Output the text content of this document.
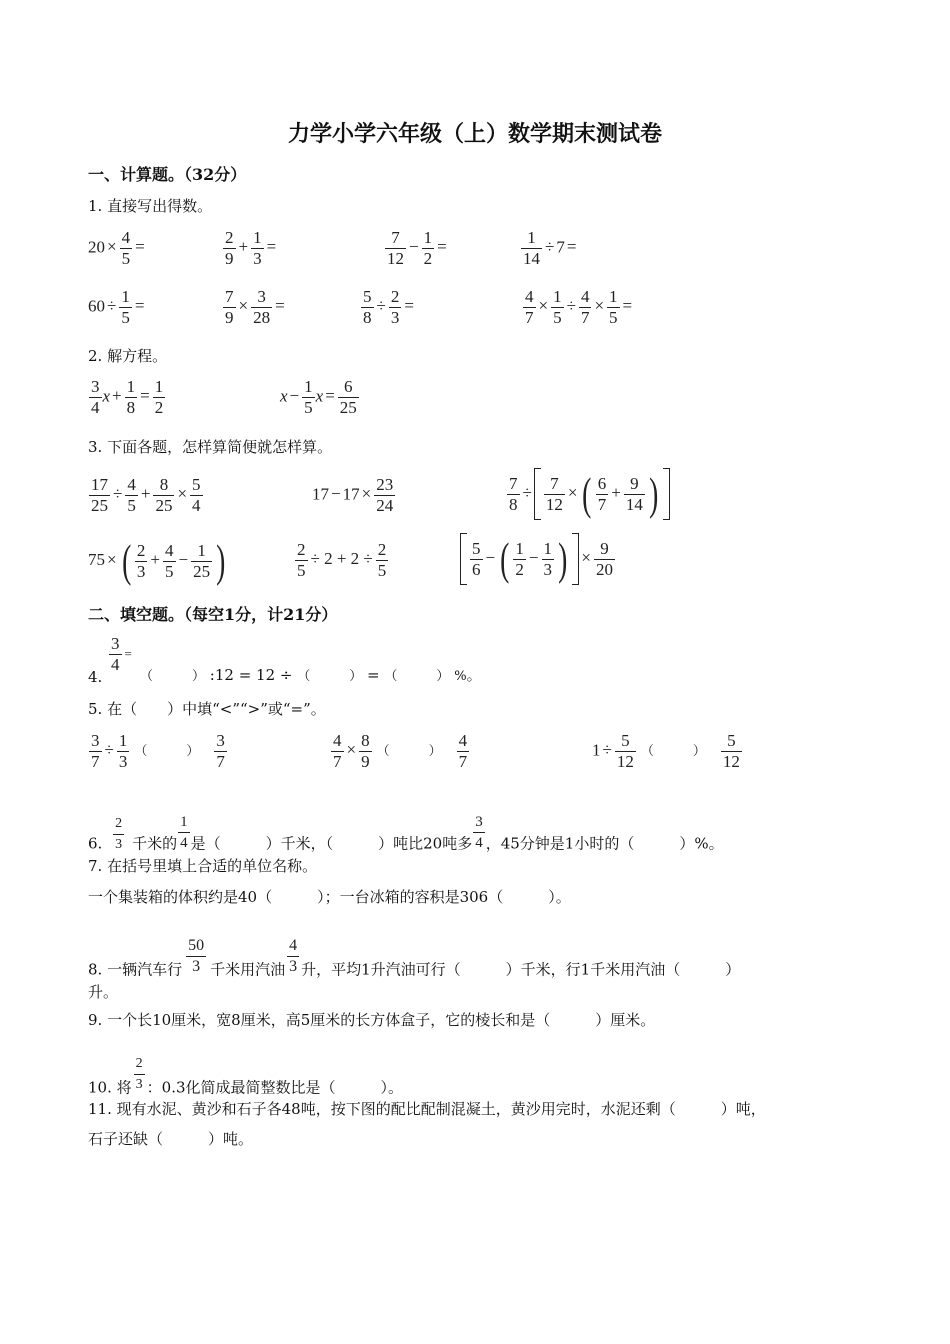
力学小学六年级（上）数学期末测试卷
一、计算题。（32分）
1. 直接写出得数。
$20 \times \frac{4}{5}$ =	$\frac{2}{9} + \frac{1}{3}$ =	$\frac{7}{12} - \frac{1}{2}$ =	$\frac{1}{14} \div 7$ =
$60 \div \frac{1}{5}$ =	$\frac{7}{9} \times \frac{3}{28}$ =	$\frac{5}{8} \div \frac{2}{3}$ =	$\frac{4}{7} \times \frac{1}{5} \div \frac{4}{7} \times \frac{1}{5}$ =
2. 解方程。
$\frac{3}{4}$ $x + \frac{1}{8} = \frac{1}{2}$	$x - \frac{1}{5}$ $x = \frac{6}{25}$
3. 下面各题，怎样算简便就怎样算。
$\frac{17}{25} \div \frac{4}{5} + \frac{8}{25} \times \frac{5}{4}$	$17 - 17 \times \frac{23}{24}$	$\frac{7}{8} \div \frac{7}{12}$ × ( $\frac{6}{7} + \frac{9}{14}$ )
75 × ( $\frac{2}{3} + \frac{4}{5} - \frac{1}{25}$ )	$\frac{2}{5} \div 2 + 2 \div \frac{2}{5}$	$\frac{5}{6}$ − ( $\frac{1}{2} - \frac{1}{3}$ ) × $\frac{9}{20}$
二、填空题。（每空1分，计21分）
4.
$\frac{3}{4}$ =
（　　　） :12 = 12 ÷ （　　　） = （　　　） %。
5. 在（　　）中填“<”“>”或“=”。
$\frac{3}{7} \div \frac{1}{3}$ （　　　） $\frac{3}{7}$	$\frac{4}{7} \times \frac{8}{9}$ （　　　） $\frac{4}{7}$	$1 \div \frac{5}{12}$ （　　　） $\frac{5}{12}$
6. $\frac{2}{3}$ 千米的 $\frac{1}{4}$ 是（　　　）千米，（　　　）吨比20吨多 $\frac{3}{4}$ ，45分钟是1小时的（　　　）%。
7. 在括号里填上合适的单位名称。
一个集装箱的体积约是40（　　　）；一台冰箱的容积是306（　　　）。
8. 一辆汽车行 $\frac{50}{3}$ 千米用汽油 $\frac{4}{3}$ 升，平均1升汽油可行（　　　）千米，行1千米用汽油（　　　）
升。
9. 一个长10厘米，宽8厘米，高5厘米的长方体盒子，它的棱长和是（　　　）厘米。
10. 将 $\frac{2}{3}$ ：0.3化简成最简整数比是（　　　）。
11. 现有水泥、黄沙和石子各48吨，按下图的配比配制混凝土，黄沙用完时，水泥还剩（　　　）吨，
石子还缺（　　　）吨。
